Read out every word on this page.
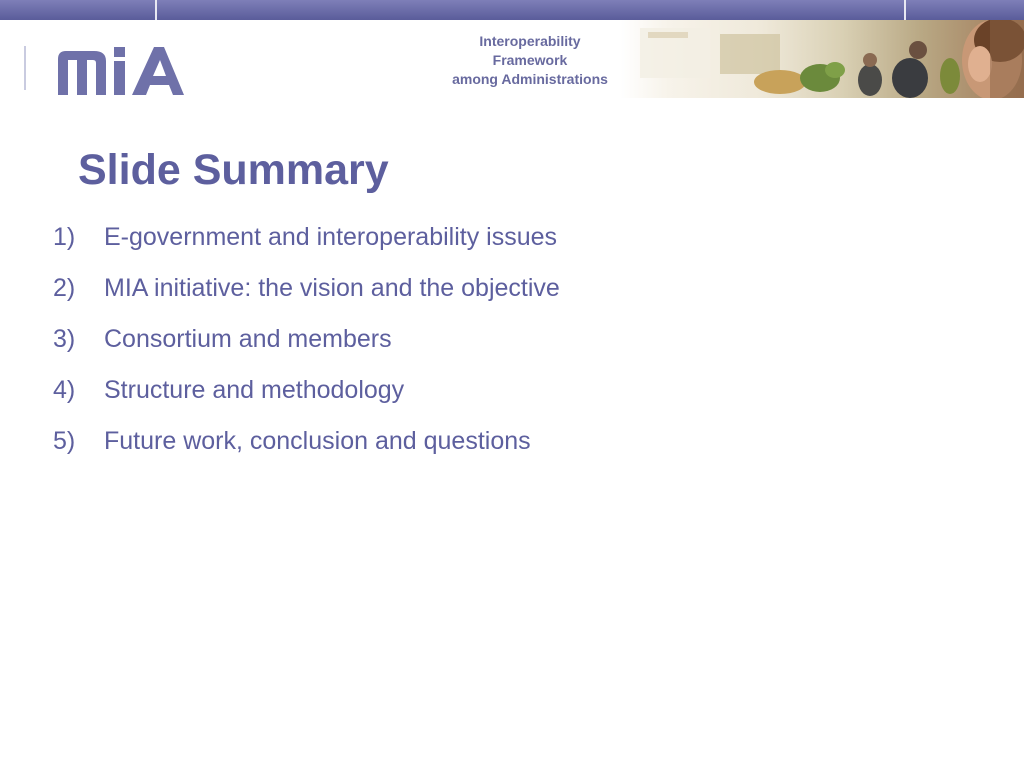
Interoperability
Framework
among Administrations
Slide Summary
1) E-government and interoperability issues
2) MIA initiative: the vision and the objective
3) Consortium and members
4) Structure and methodology
5) Future work, conclusion and questions
